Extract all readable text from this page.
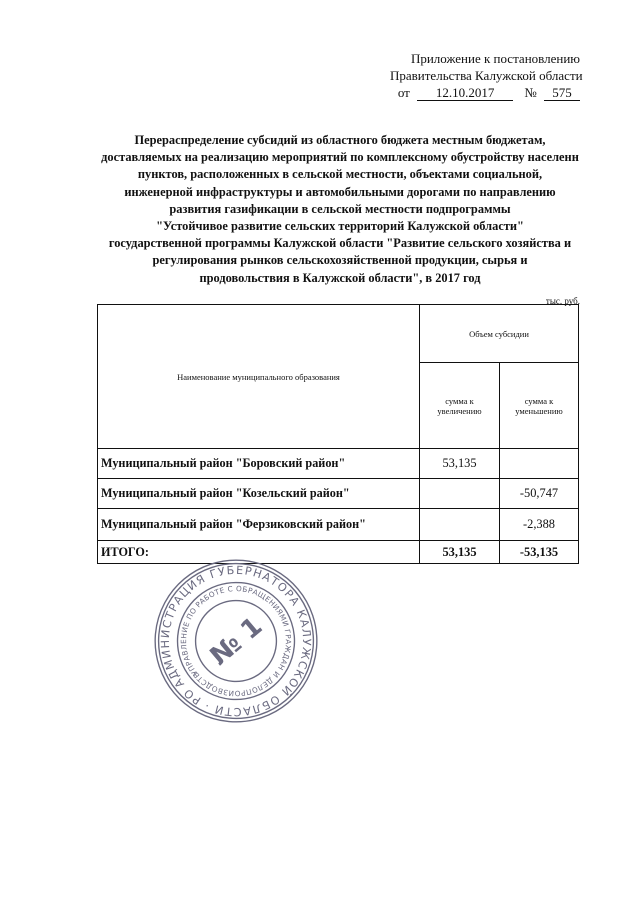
Приложение к постановлению
Правительства Калужской области
от 12.10.2017 № 575
Перераспределение субсидий из областного бюджета местным бюджетам,
доставляемых на реализацию мероприятий по комплексному обустройству населенн
пунктов, расположенных в сельской местности, объектами социальной,
инженерной инфраструктуры и автомобильными дорогами по направлению
развития газификации в сельской местности подпрограммы
"Устойчивое развитие сельских территорий Калужской области"
государственной программы Калужской области "Развитие сельского хозяйства и
регулирования рынков сельскохозяйственной продукции, сырья и
продовольствия в Калужской области", в 2017 год
тыс. руб.
Наименование муниципального образования	Объем субсидии	
	сумма к увеличению	сумма к уменьшению
Муниципальный район "Боровский район"	53,135	
Муниципальный район "Козельский район"		-50,747
Муниципальный район "Ферзиковский район"		-2,388
ИТОГО:	53,135	-53,135
АДМИНИСТРАЦИЯ ГУБЕРНАТОРА КАЛУЖСКОЙ ОБЛАСТИ · РОССИЙСКАЯ
УПРАВЛЕНИЕ ПО РАБОТЕ С ОБРАЩЕНИЯМИ ГРАЖДАН И ДЕЛОПРОИЗВОДСТВУ	№ 1
